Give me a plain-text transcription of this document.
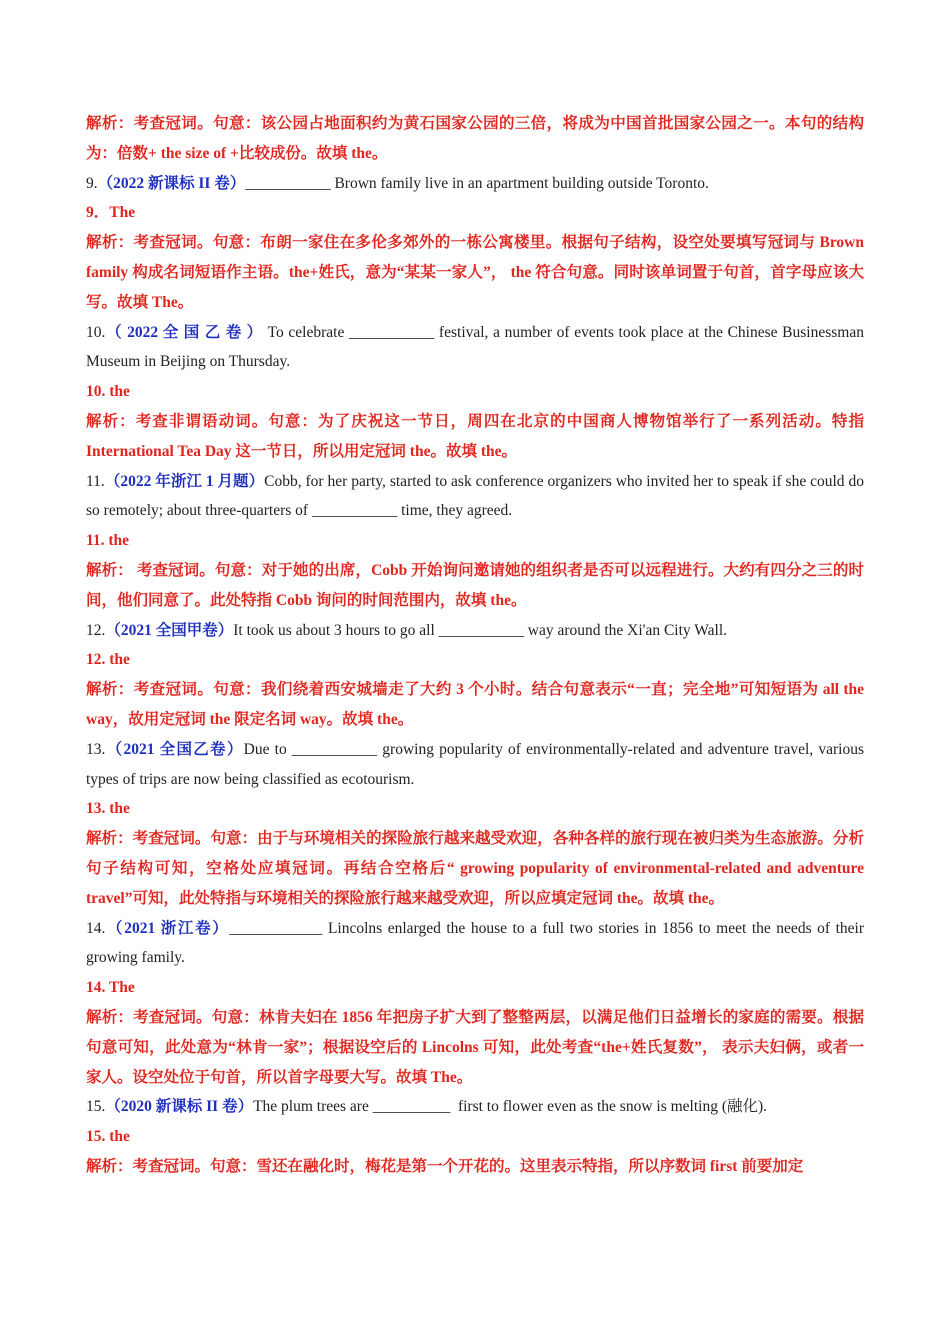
解析：考查冠词。句意：该公园占地面积约为黄石国家公园的三倍，将成为中国首批国家公园之一。本句的结构为：倍数+ the size of +比较成份。故填 the。

9.（2022 新课标 II 卷）___________ Brown family live in an apartment building outside Toronto.

9．The

解析：考查冠词。句意：布朗一家住在多伦多郊外的一栋公寓楼里。根据句子结构，设空处要填写冠词与 Brown family 构成名词短语作主语。the+姓氏，意为“某某一家人”， the 符合句意。同时该单词置于句首，首字母应该大写。故填 The。

10.（ 2022 全 国 乙 卷 ） To celebrate ___________ festival, a number of events took place at the Chinese Businessman Museum in Beijing on Thursday.

10. the

解析：考查非谓语动词。句意：为了庆祝这一节日，周四在北京的中国商人博物馆举行了一系列活动。特指 International Tea Day 这一节日，所以用定冠词 the。故填 the。

11.（2022 年浙江 1 月题）Cobb, for her party, started to ask conference organizers who invited her to speak if she could do so remotely; about three-quarters of ___________ time, they agreed.

11. the

解析： 考查冠词。句意：对于她的出席，Cobb 开始询问邀请她的组织者是否可以远程进行。大约有四分之三的时间，他们同意了。此处特指 Cobb 询问的时间范围内，故填 the。

12.（2021 全国甲卷）It took us about 3 hours to go all ___________ way around the Xi'an City Wall.

12. the

解析：考查冠词。句意：我们绕着西安城墙走了大约 3 个小时。结合句意表示“一直；完全地”可知短语为 all the way，故用定冠词 the 限定名词 way。故填 the。

13.（2021 全国乙卷）Due to ___________ growing popularity of environmentally-related and adventure travel, various types of trips are now being classified as ecotourism.

13. the

解析：考查冠词。句意：由于与环境相关的探险旅行越来越受欢迎，各种各样的旅行现在被归类为生态旅游。分析句子结构可知，空格处应填冠词。再结合空格后“ growing popularity of environmental-related and adventure travel”可知，此处特指与环境相关的探险旅行越来越受欢迎，所以应填定冠词 the。故填 the。

14.（2021 浙江卷）____________ Lincolns enlarged the house to a full two stories in 1856 to meet the needs of their growing family.

14. The

解析：考查冠词。句意：林肯夫妇在 1856 年把房子扩大到了整整两层，以满足他们日益增长的家庭的需要。根据句意可知，此处意为“林肯一家”；根据设空后的 Lincolns 可知，此处考查“the+姓氏复数”， 表示夫妇俩，或者一家人。设空处位于句首，所以首字母要大写。故填 The。

15.（2020 新课标 II 卷）The plum trees are __________  first to flower even as the snow is melting (融化).

15. the

解析：考查冠词。句意：雪还在融化时，梅花是第一个开花的。这里表示特指，所以序数词 first 前要加定
